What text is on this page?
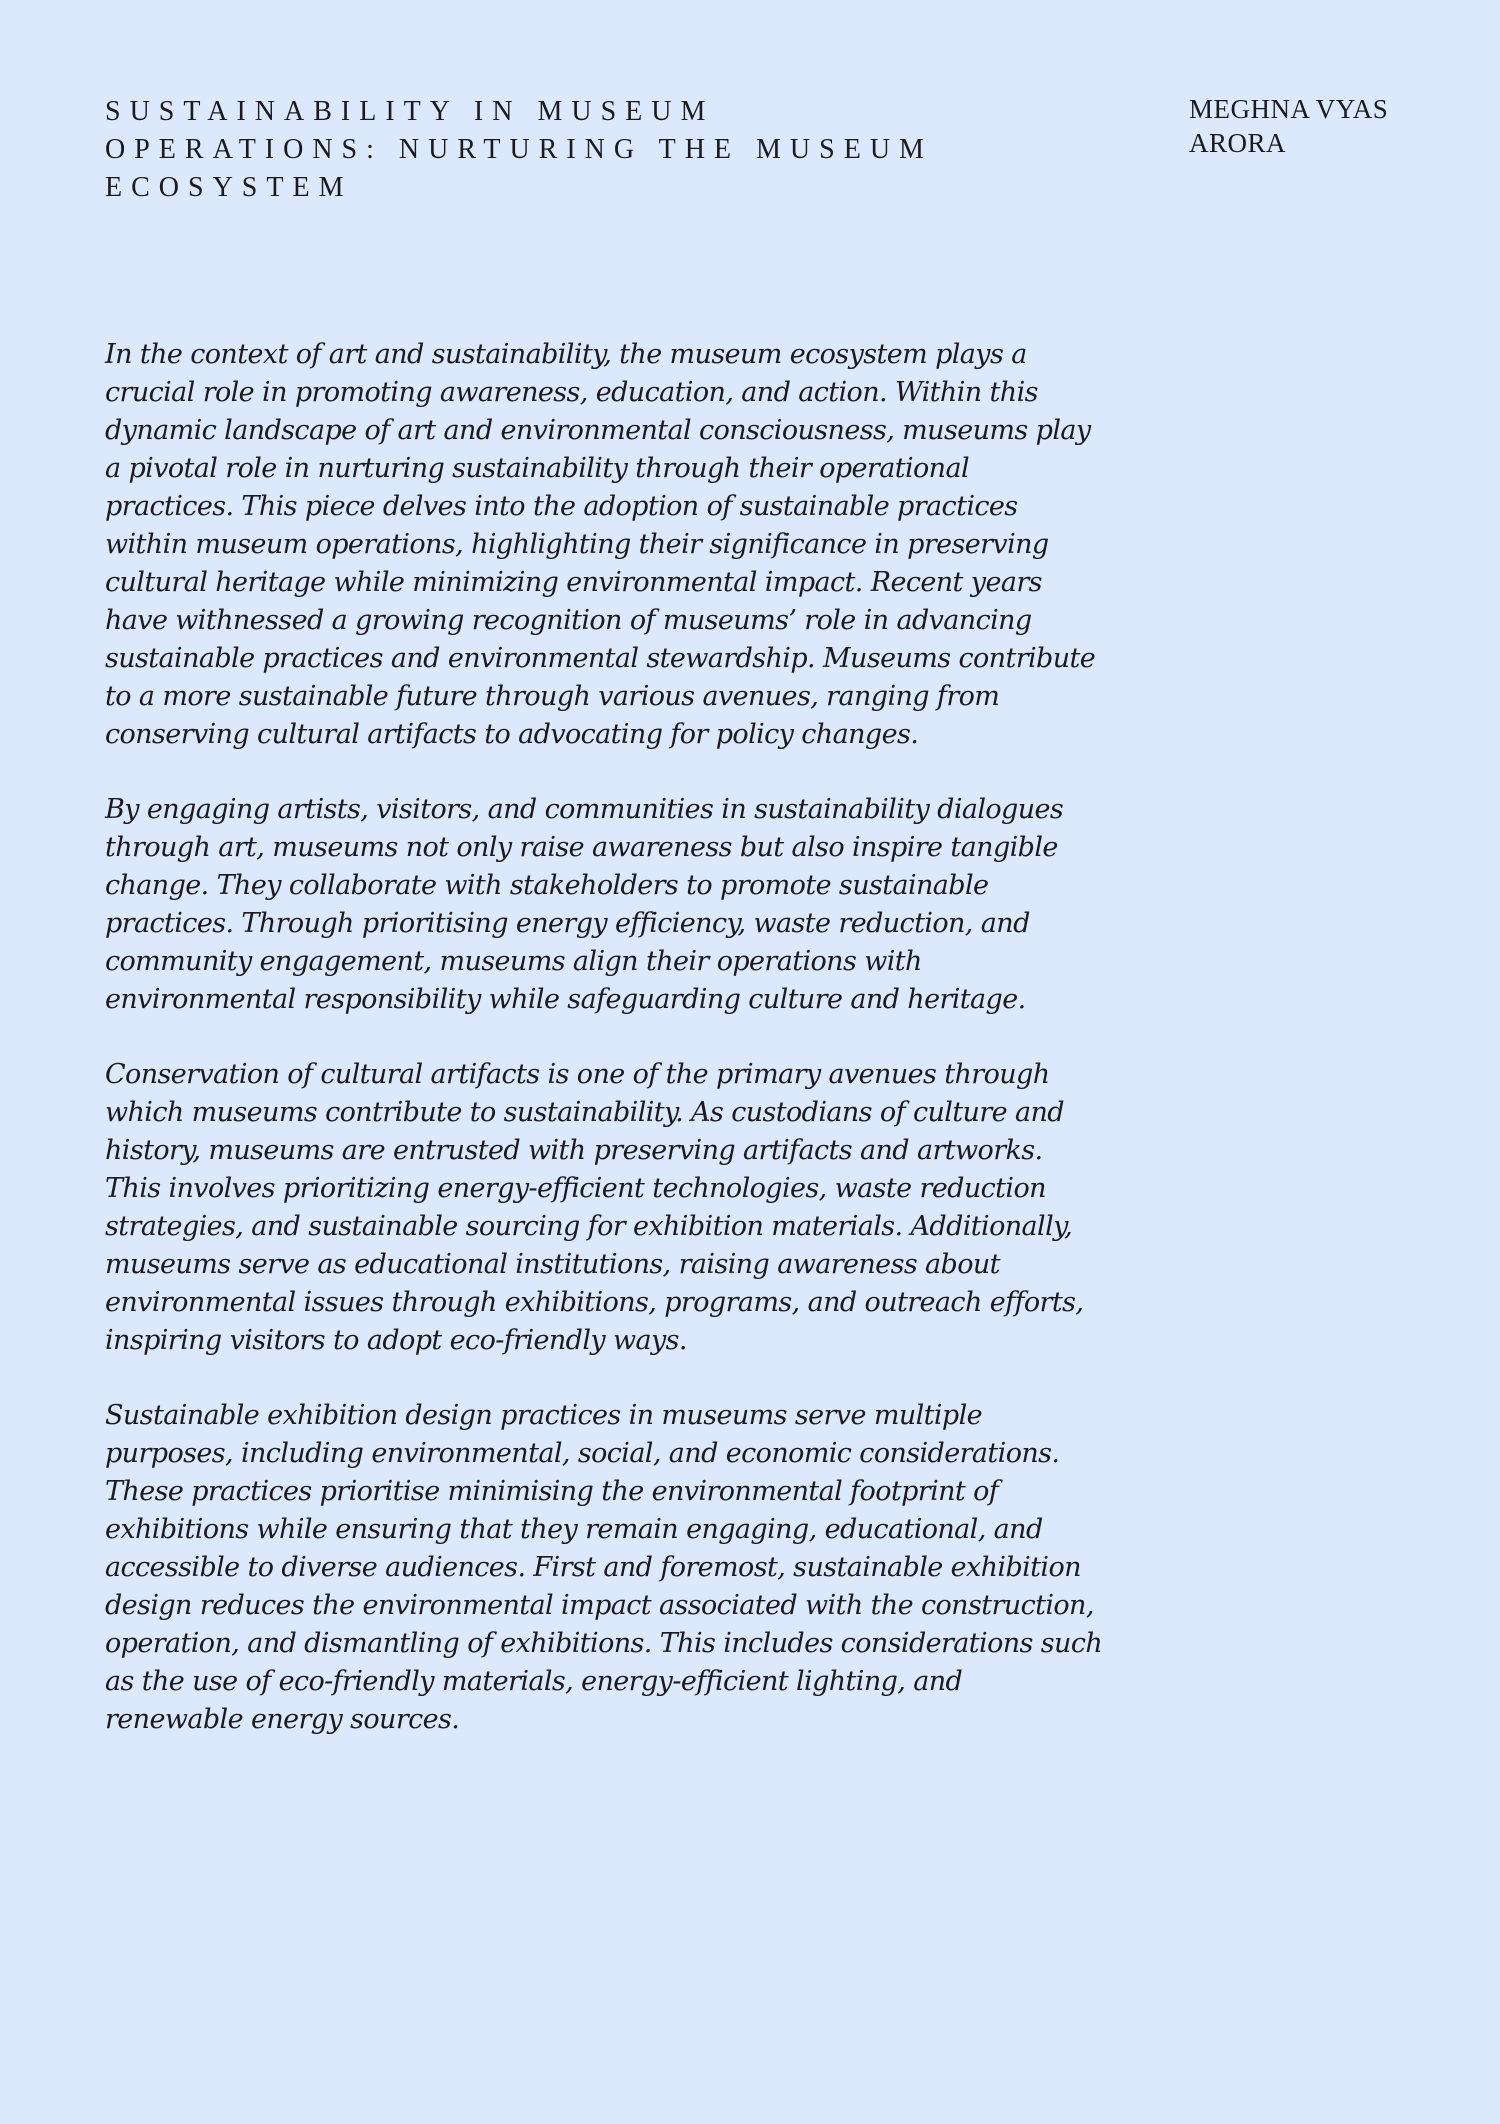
SUSTAINABILITY IN MUSEUM OPERATIONS: NURTURING THE MUSEUM ECOSYSTEM
MEGHNA VYAS ARORA

In the context of art and sustainability, the museum ecosystem plays a crucial role in promoting awareness, education, and action. Within this dynamic landscape of art and environmental consciousness, museums play a pivotal role in nurturing sustainability through their operational practices. This piece delves into the adoption of sustainable practices within museum operations, highlighting their significance in preserving cultural heritage while minimizing environmental impact. Recent years have withnessed a growing recognition of museums’ role in advancing sustainable practices and environmental stewardship. Museums contribute to a more sustainable future through various avenues, ranging from conserving cultural artifacts to advocating for policy changes.

By engaging artists, visitors, and communities in sustainability dialogues through art, museums not only raise awareness but also inspire tangible change. They collaborate with stakeholders to promote sustainable practices. Through prioritising energy efficiency, waste reduction, and community engagement, museums align their operations with environmental responsibility while safeguarding culture and heritage.

Conservation of cultural artifacts is one of the primary avenues through which museums contribute to sustainability. As custodians of culture and history, museums are entrusted with preserving artifacts and artworks. This involves prioritizing energy-efficient technologies, waste reduction strategies, and sustainable sourcing for exhibition materials. Additionally, museums serve as educational institutions, raising awareness about environmental issues through exhibitions, programs, and outreach efforts, inspiring visitors to adopt eco-friendly ways.

Sustainable exhibition design practices in museums serve multiple purposes, including environmental, social, and economic considerations. These practices prioritise minimising the environmental footprint of exhibitions while ensuring that they remain engaging, educational, and accessible to diverse audiences. First and foremost, sustainable exhibition design reduces the environmental impact associated with the construction, operation, and dismantling of exhibitions. This includes considerations such as the use of eco-friendly materials, energy-efficient lighting, and renewable energy sources.
